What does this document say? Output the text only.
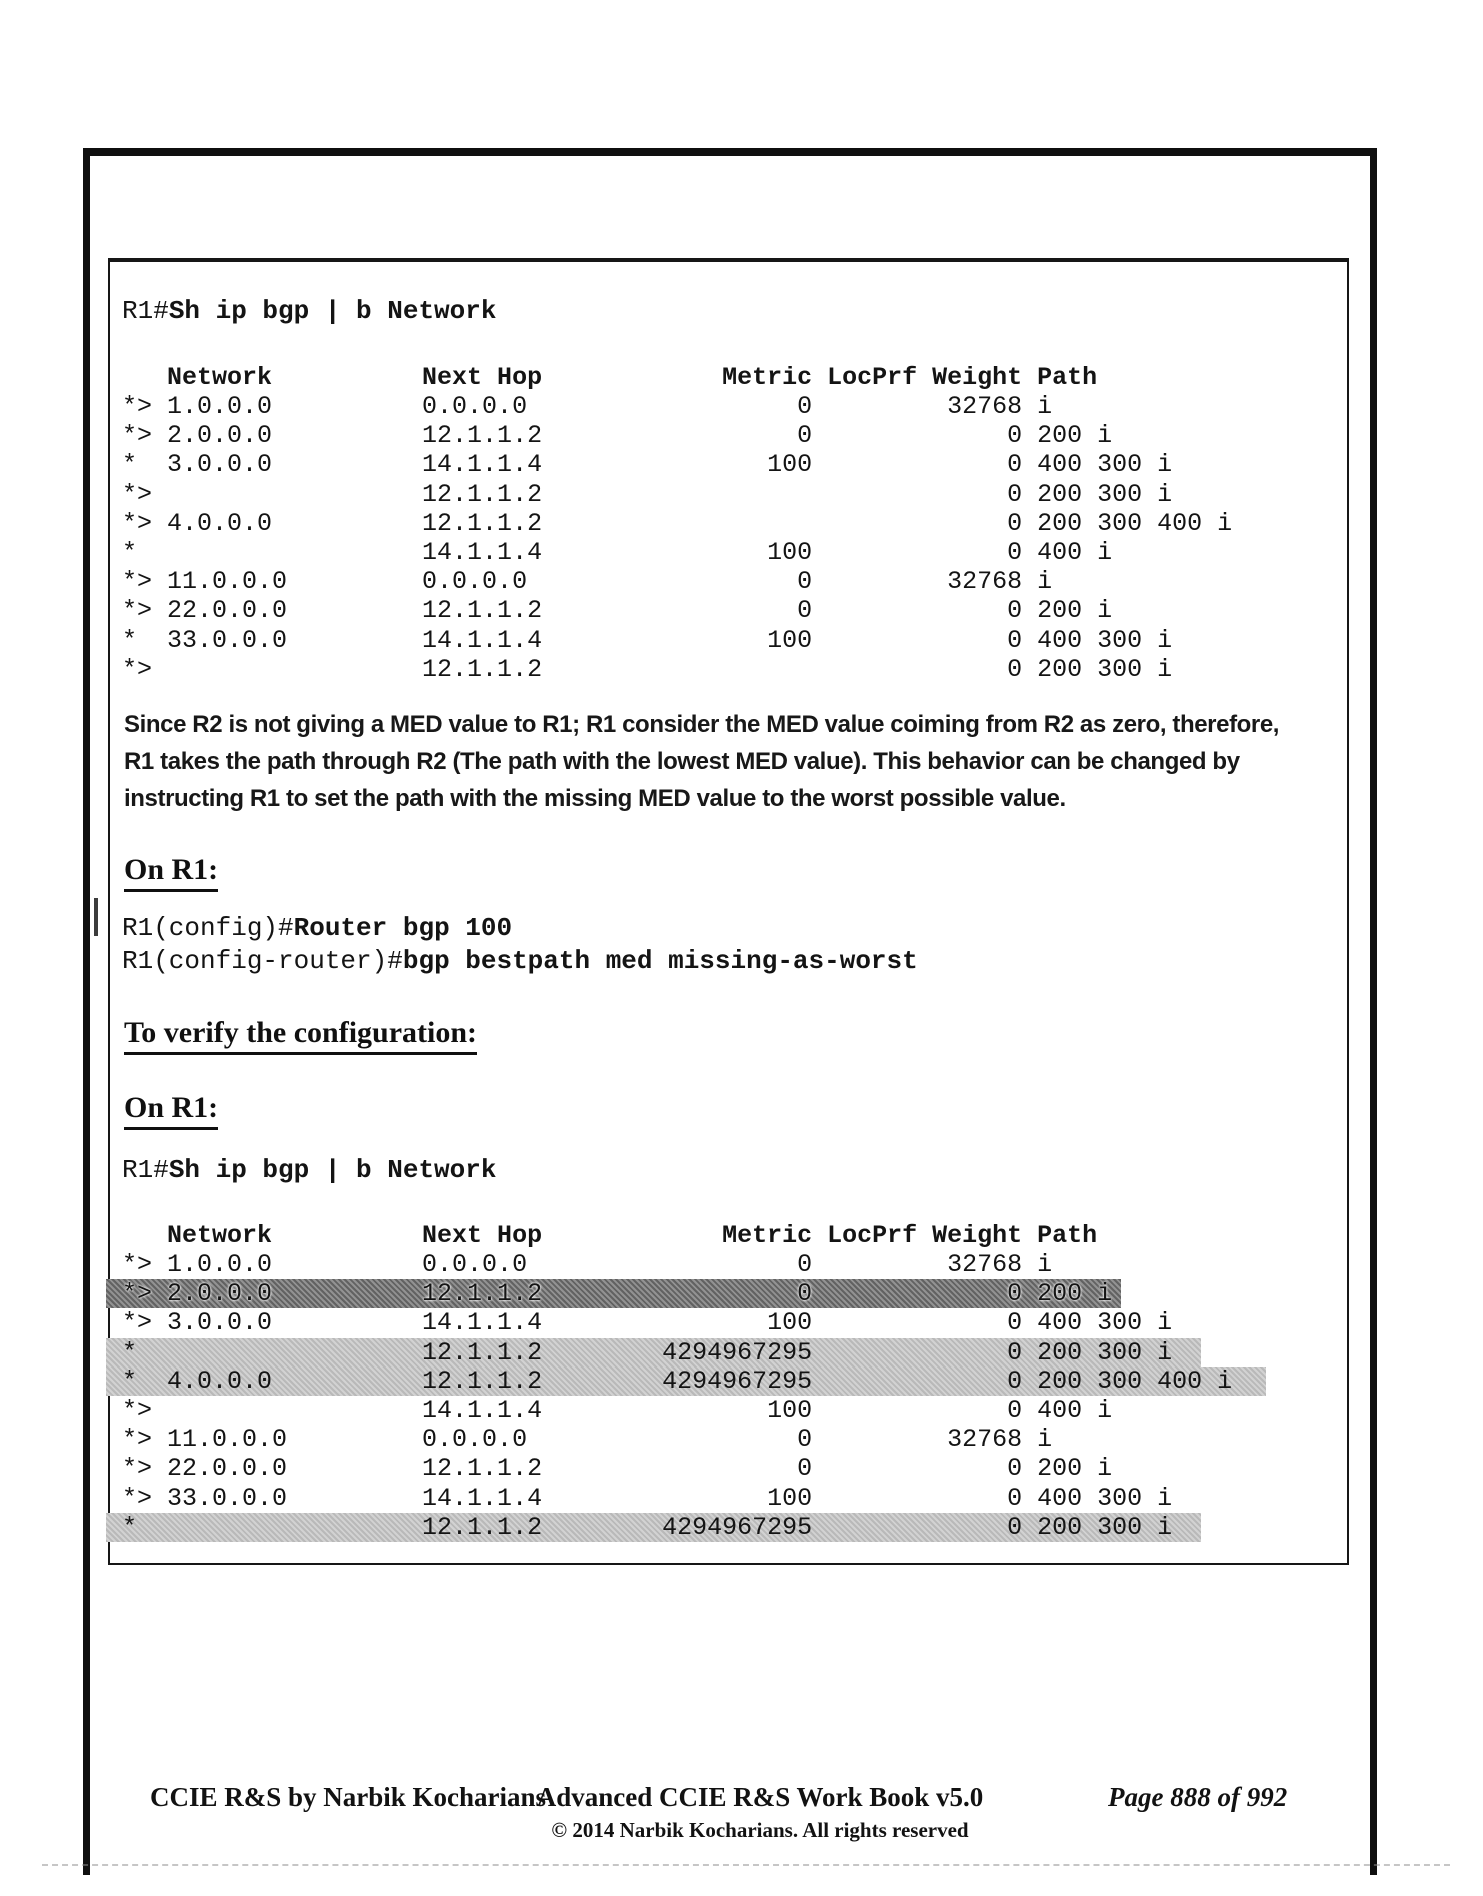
R1#Sh ip bgp | b Network
Network          Next Hop            Metric LocPrf Weight Path
*> 1.0.0.0          0.0.0.0                  0         32768 i
*> 2.0.0.0          12.1.1.2                 0             0 200 i
*  3.0.0.0          14.1.1.4               100             0 400 300 i
*>                  12.1.1.2                               0 200 300 i
*> 4.0.0.0          12.1.1.2                               0 200 300 400 i
*                   14.1.1.4               100             0 400 i
*> 11.0.0.0         0.0.0.0                  0         32768 i
*> 22.0.0.0         12.1.1.2                 0             0 200 i
*  33.0.0.0         14.1.1.4               100             0 400 300 i
*>                  12.1.1.2                               0 200 300 i
Since R2 is not giving a MED value to R1; R1 consider the MED value coiming from R2 as zero, therefore,
R1 takes the path through R2 (The path with the lowest MED value). This behavior can be changed by
instructing R1 to set the path with the missing MED value to the worst possible value.
On R1:
R1(config)#Router bgp 100
R1(config-router)#bgp bestpath med missing-as-worst
To verify the configuration:
On R1:
R1#Sh ip bgp | b Network
Network          Next Hop            Metric LocPrf Weight Path
*> 1.0.0.0          0.0.0.0                  0         32768 i
*> 2.0.0.0          12.1.1.2                 0             0 200 i
*> 3.0.0.0          14.1.1.4               100             0 400 300 i
*                   12.1.1.2        4294967295             0 200 300 i
*  4.0.0.0          12.1.1.2        4294967295             0 200 300 400 i
*>                  14.1.1.4               100             0 400 i
*> 11.0.0.0         0.0.0.0                  0         32768 i
*> 22.0.0.0         12.1.1.2                 0             0 200 i
*> 33.0.0.0         14.1.1.4               100             0 400 300 i
*                   12.1.1.2        4294967295             0 200 300 i
CCIE R&S by Narbik Kocharians
Advanced CCIE R&S Work Book v5.0
© 2014 Narbik Kocharians. All rights reserved
Page 888 of 992
